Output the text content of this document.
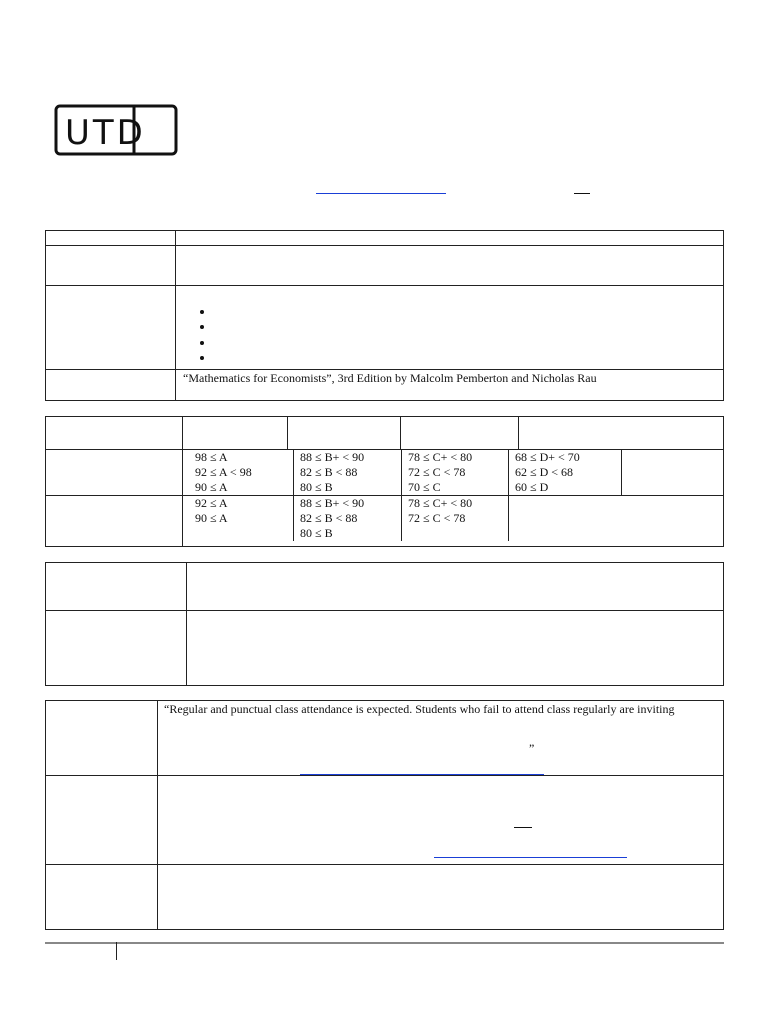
UTD
“Mathematics for Economists”, 3rd Edition by Malcolm Pemberton and Nicholas Rau
98 ≤ A
92 ≤ A < 98
90 ≤ A
88 ≤ B+ < 90
82 ≤ B < 88
80 ≤ B
78 ≤ C+ < 80
72 ≤ C < 78
70 ≤ C
68 ≤ D+ < 70
62 ≤ D < 68
60 ≤ D
92 ≤ A
90 ≤ A
88 ≤ B+ < 90
82 ≤ B < 88
80 ≤ B
78 ≤ C+ < 80
72 ≤ C < 78
“Regular and punctual class attendance is expected. Students who fail to attend class regularly are inviting
”
